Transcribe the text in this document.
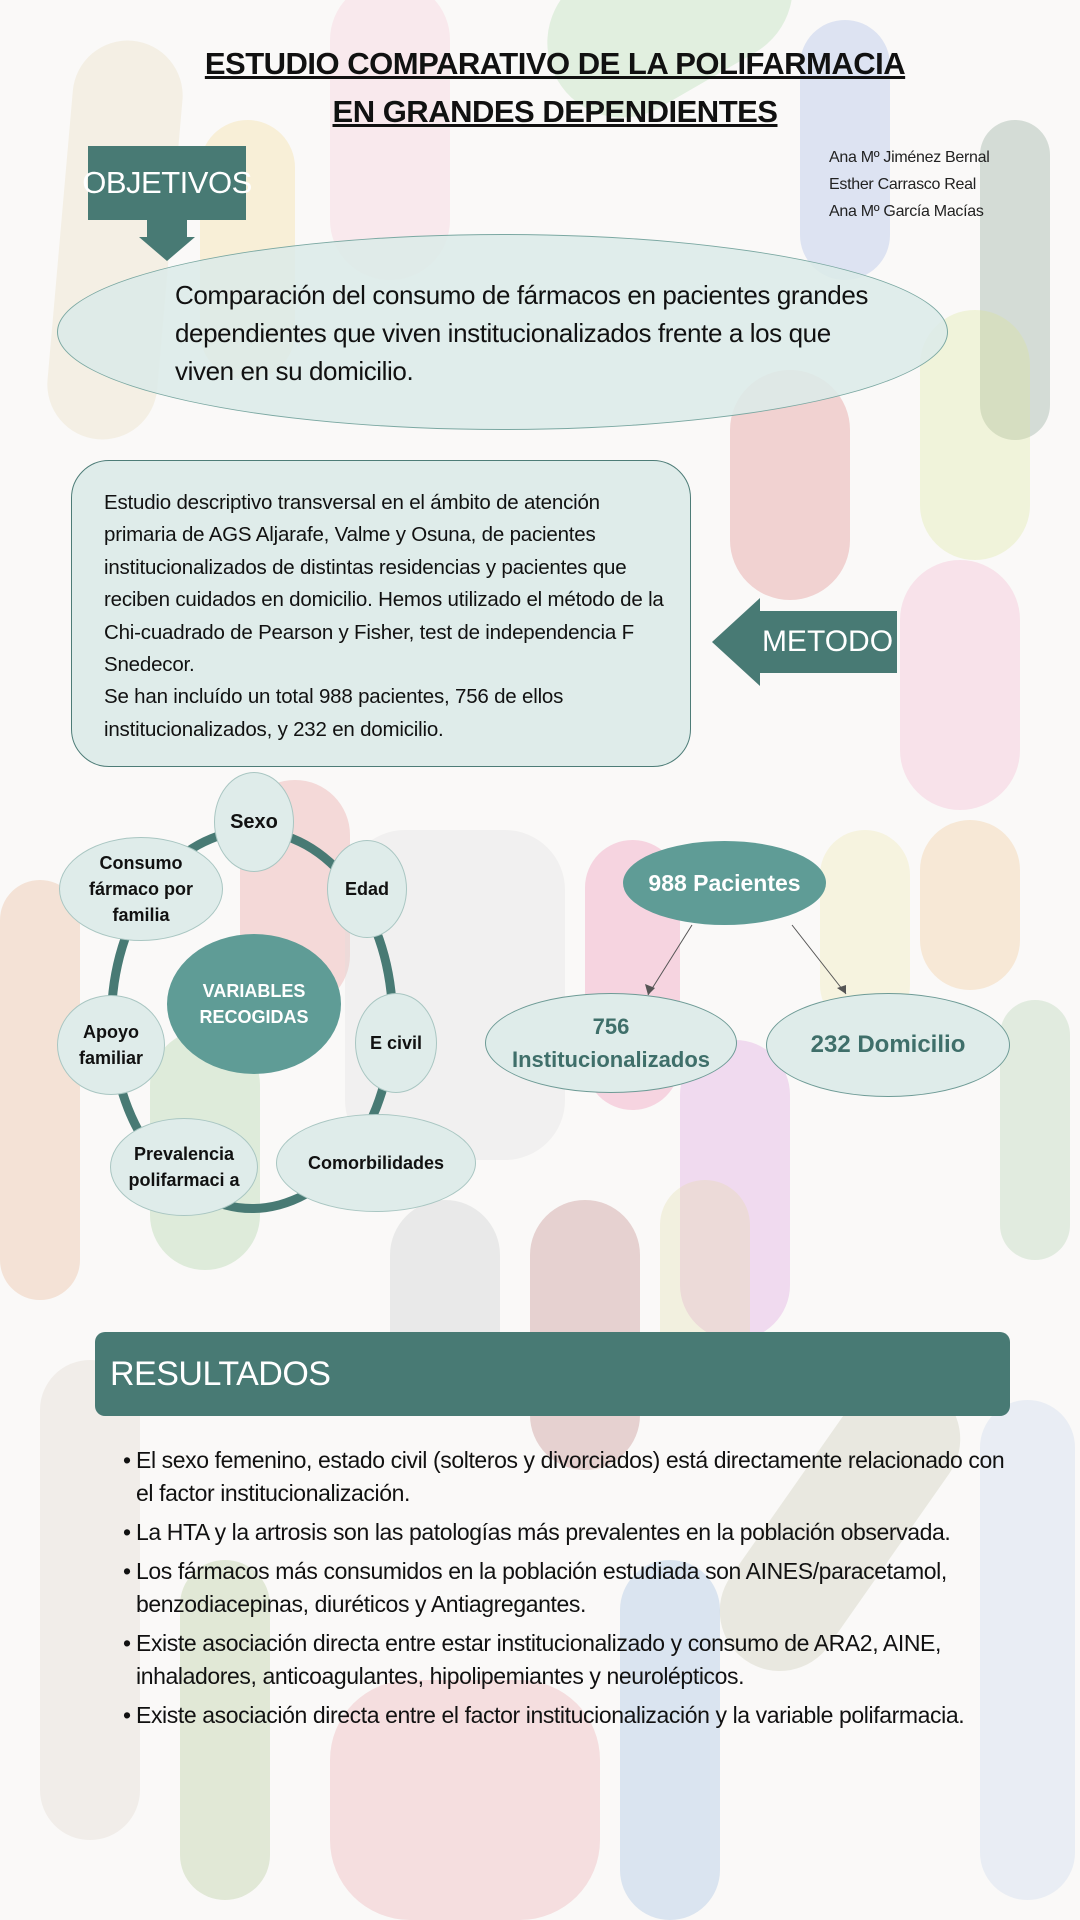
ESTUDIO COMPARATIVO DE LA POLIFARMACIA
EN GRANDES DEPENDIENTES
Ana Mº Jiménez Bernal
Esther Carrasco Real
Ana Mº García Macías
Comparación del consumo de fármacos en pacientes grandes dependientes que viven institucionalizados frente a los que viven en su domicilio.
OBJETIVOS

Estudio descriptivo transversal en el ámbito de atención primaria de AGS Aljarafe, Valme y Osuna, de pacientes institucionalizados de distintas residencias y pacientes que reciben cuidados en domicilio. Hemos utilizado el método de la Chi-cuadrado de Pearson y Fisher, test de independencia F Snedecor.

Se han incluído un total 988 pacientes, 756 de ellos institucionalizados, y 232 en domicilio.

METODO
VARIABLES RECOGIDAS
Sexo
Edad
E civil
Comorbilidades
Prevalencia polifarmaci a
Apoyo familiar
Consumo fármaco por familia
988 Pacientes
756 Institucionalizados
232 Domicilio
RESULTADOS
• El sexo femenino, estado civil (solteros y divorciados) está directamente relacionado con el factor institucionalización.
• La HTA y la artrosis son las patologías más prevalentes en la población observada.
• Los fármacos más consumidos en la población estudiada son AINES/paracetamol, benzodiacepinas, diuréticos y Antiagregantes.
• Existe asociación directa entre estar institucionalizado y consumo de ARA2, AINE, inhaladores, anticoagulantes, hipolipemiantes y neurolépticos.
• Existe asociación directa entre el factor institucionalización y la variable polifarmacia.
